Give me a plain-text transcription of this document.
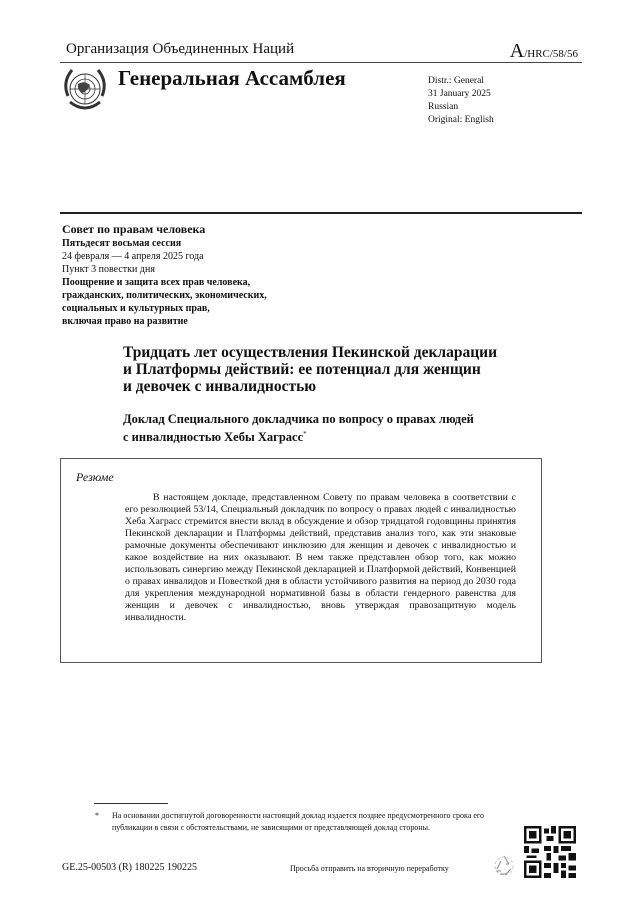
Организация Объединенных Наций	A/HRC/58/56
Генеральная Ассамблея	Distr.: General
31 January 2025
Russian
Original: English
Совет по правам человека
Пятьдесят восьмая сессия
24 февраля — 4 апреля 2025 года
Пункт 3 повестки дня
Поощрение и защита всех прав человека,
гражданских, политических, экономических,
социальных и культурных прав,
включая право на развитие
Тридцать лет осуществления Пекинской декларации
и Платформы действий: ее потенциал для женщин
и девочек с инвалидностью
Доклад Специального докладчика по вопросу о правах людей
с инвалидностью Хебы Хаграсс*
Резюме
В настоящем докладе, представленном Совету по правам человека в соответствии с его резолюцией 53/14, Специальный докладчик по вопросу о правах людей с инвалидностью Хеба Хаграсс стремится внести вклад в обсуждение и обзор тридцатой годовщины принятия Пекинской декларации и Платформы действий, представив анализ того, как эти знаковые рамочные документы обеспечивают инклюзию для женщин и девочек с инвалидностью и какое воздействие на них оказывают. В нем также представлен обзор того, как можно использовать синергию между Пекинской декларацией и Платформой действий, Конвенцией о правах инвалидов и Повесткой дня в области устойчивого развития на период до 2030 года для укрепления международной нормативной базы в области гендерного равенства для женщин и девочек с инвалидностью, вновь утверждая правозащитную модель инвалидности.
* На основании достигнутой договоренности настоящий доклад издается позднее предусмотренного срока его публикации в связи с обстоятельствами, не зависящими от представляющей доклад стороны.
GE.25-00503 (R) 180225 190225	Просьба отправить на вторичную переработку
